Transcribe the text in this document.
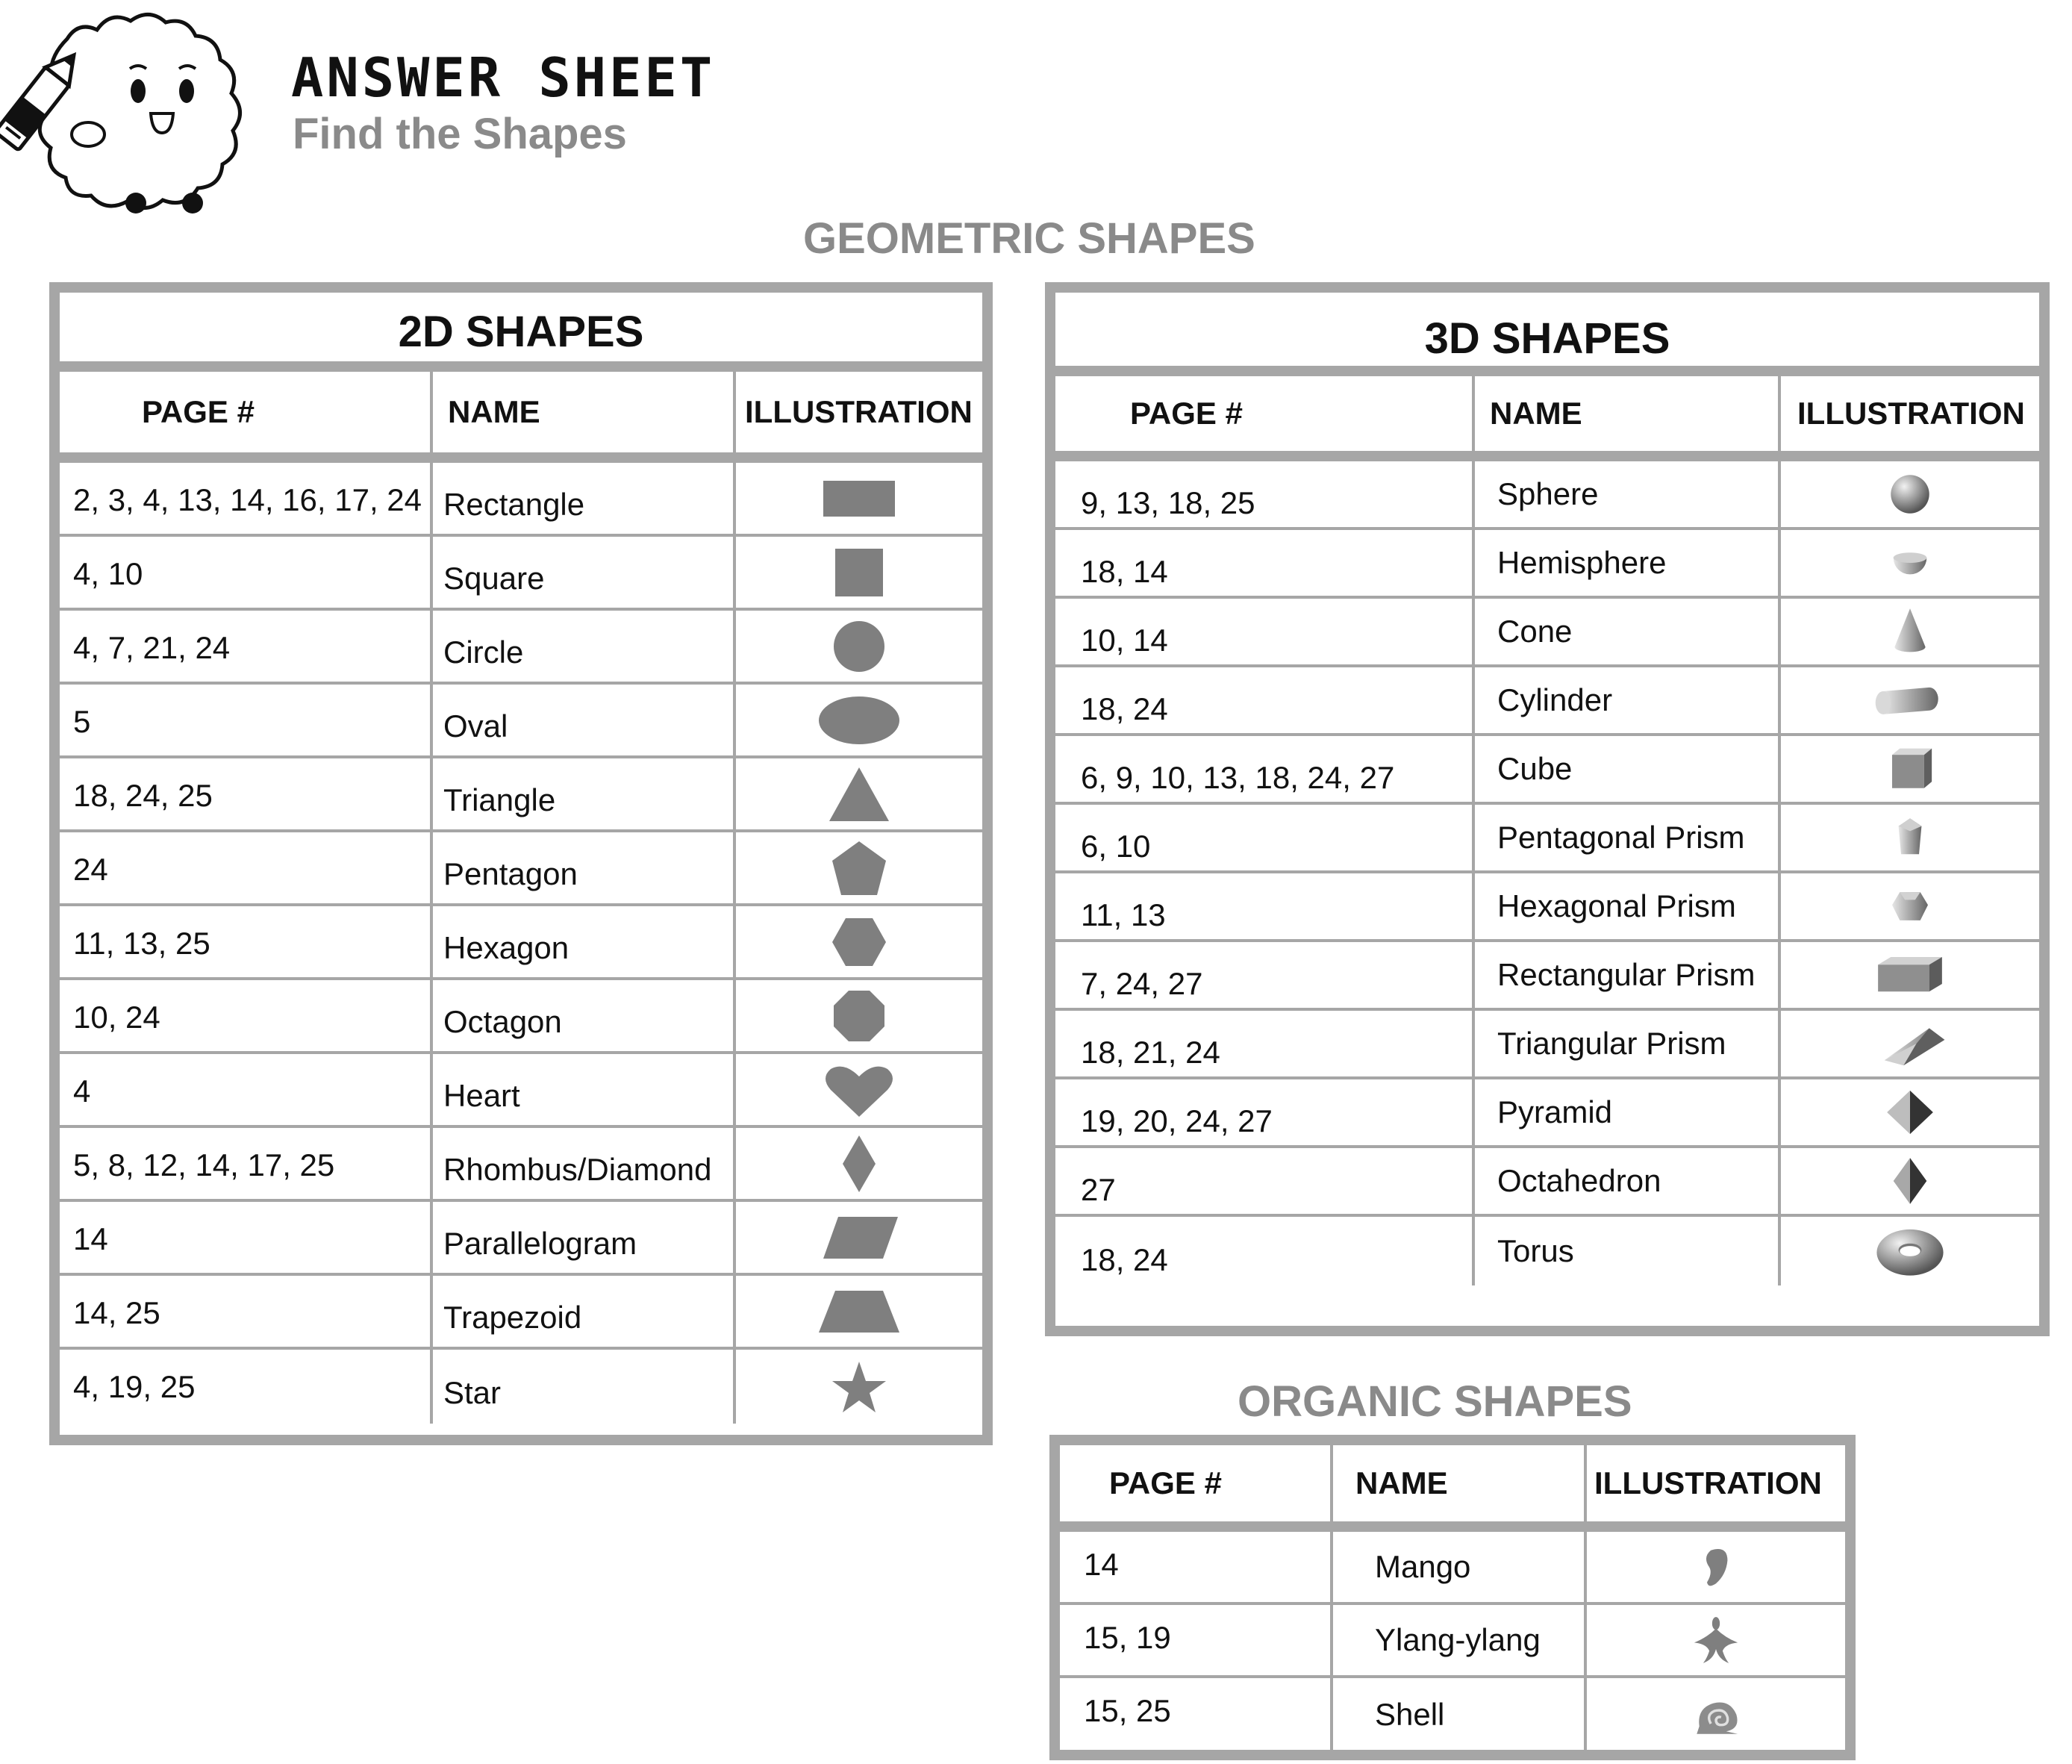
ANSWER SHEET
Find the Shapes
GEOMETRIC SHAPES
2D SHAPES
PAGE #	NAME	ILLUSTRATION
2, 3, 4, 13, 14, 16, 17, 24 Rectangle
4, 10	Square
4, 7, 21, 24	Circle
5	Oval
18, 24, 25	Triangle
24	Pentagon
11, 13, 25	Hexagon
10, 24	Octagon
4	Heart
5, 8, 12, 14, 17, 25	Rhombus/Diamond
14	Parallelogram
14, 25	Trapezoid
4, 19, 25	Star
3D SHAPES
PAGE #	NAME	ILLUSTRATION
9, 13, 18, 25	Sphere
18, 14	Hemisphere
10, 14	Cone
18, 24	Cylinder
6, 9, 10, 13, 18, 24, 27	Cube
6, 10	Pentagonal Prism
11, 13	Hexagonal Prism
7, 24, 27	Rectangular Prism
18, 21, 24	Triangular Prism
19, 20, 24, 27	Pyramid
27	Octahedron
18, 24	Torus
ORGANIC SHAPES
PAGE #	NAME	ILLUSTRATION
14	Mango
15, 19	Ylang-ylang
15, 25	Shell
